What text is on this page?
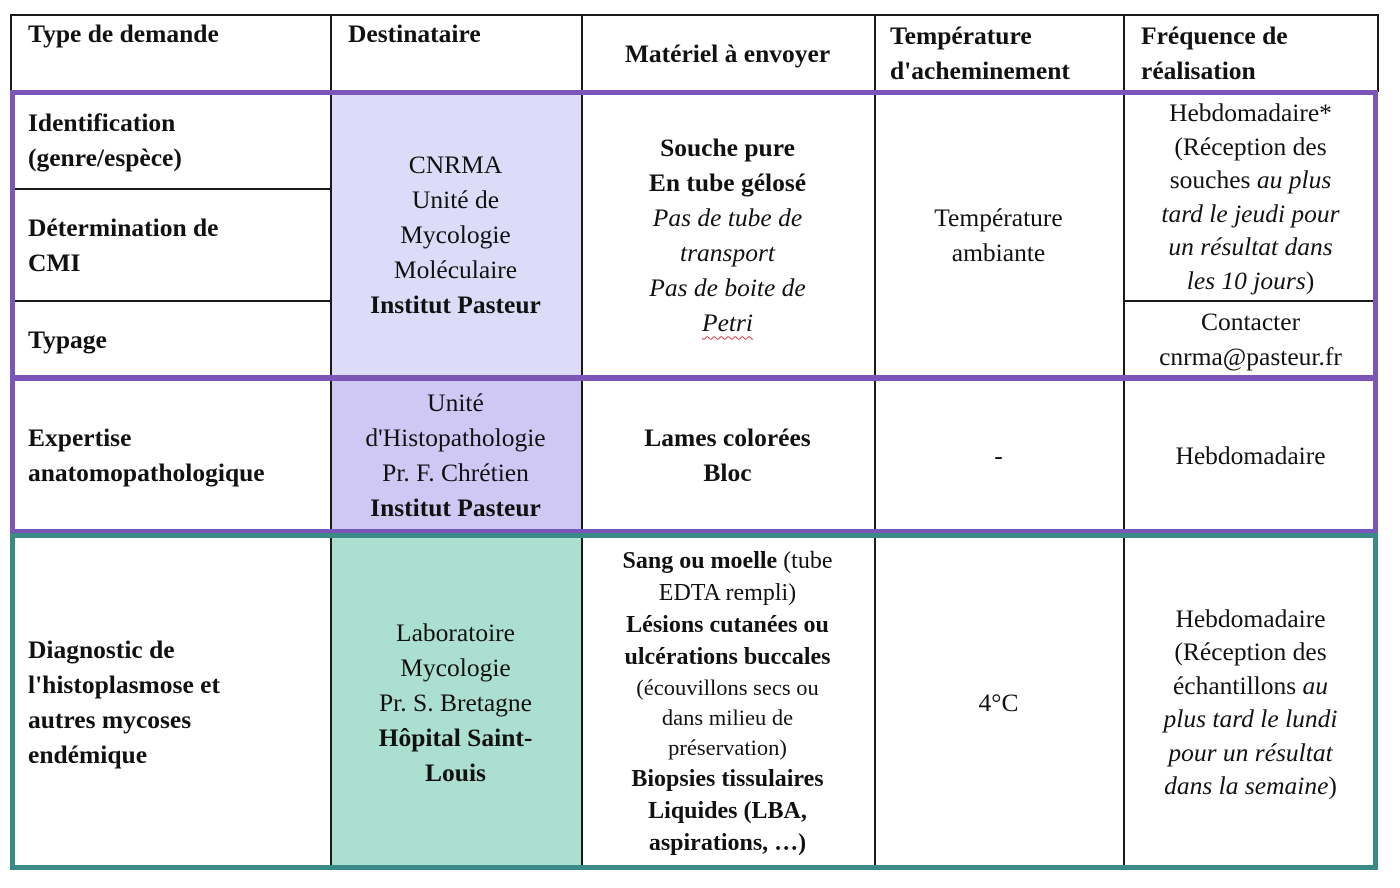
Type de demande	Destinataire
Matériel à envoyer
Température
d'acheminement
Fréquence de
réalisation
Identification
(genre/espèce)
Détermination de
CMI
Typage
CNRMA
Unité de
Mycologie
Moléculaire
Institut Pasteur
Souche pure
En tube gélosé
Pas de tube de
transport
Pas de boite de
Petri
Température
ambiante
Hebdomadaire*
(Réception des
souches au plus
tard le jeudi pour
un résultat dans
les 10 jours)
Contacter
cnrma@pasteur.fr
Expertise
anatomopathologique
Unité
d'Histopathologie
Pr. F. Chrétien
Institut Pasteur
Lames colorées
Bloc
-	Hebdomadaire
Diagnostic de
l'histoplasmose et
autres mycoses
endémique
Laboratoire
Mycologie
Pr. S. Bretagne
Hôpital Saint-
Louis
Sang ou moelle (tube
EDTA rempli)
Lésions cutanées ou
ulcérations buccales
(écouvillons secs ou
dans milieu de
préservation)
Biopsies tissulaires
Liquides (LBA,
aspirations, …)
4°C
Hebdomadaire
(Réception des
échantillons au
plus tard le lundi
pour un résultat
dans la semaine)
